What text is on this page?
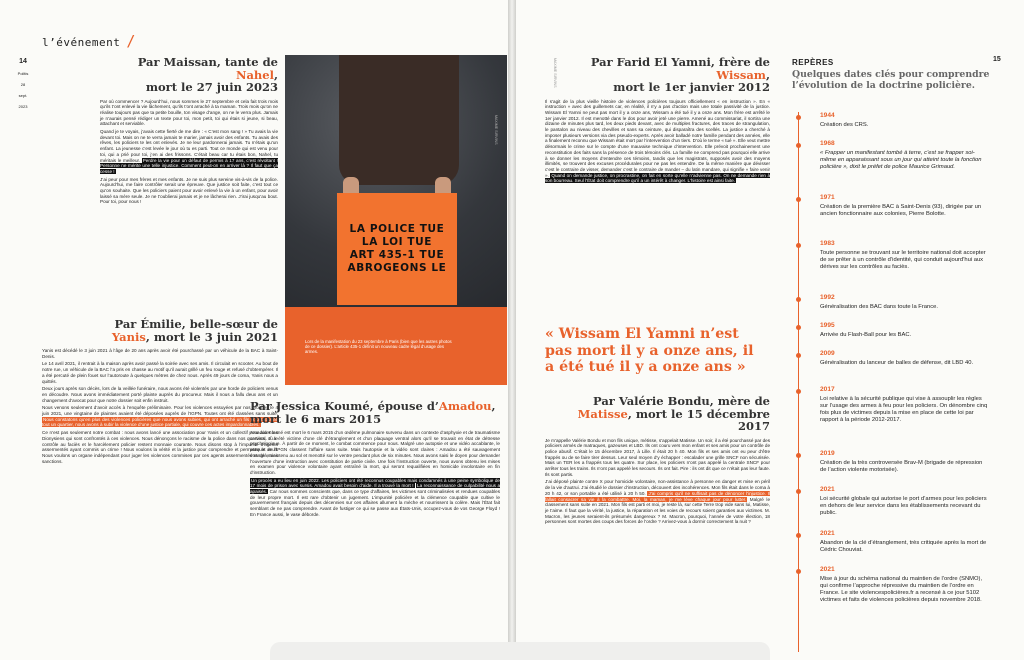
l’événement /
14
Politis
28
sept.
2023
Par Maissan, tante de Nahel,
mort le 27 juin 2023

Par où commencer ? Aujourd’hui, nous sommes le 27 septembre et cela fait trois mois qu’ils t’ont enlevé la vie lâchement, qu’ils t’ont arraché à ta maman. Trois mois qu’on ne réalise toujours pas que ta petite bouille, ton visage d’ange, on ne le verra plus. Jamais je n’aurais pensé rédiger un texte pour toi, mon petit, toi qui étais si jeune, si beau, attachant et serviable.

Quand je te voyais, j’avais cette fierté de me dire : « C’est mon sang ! » Tu avais la vie devant toi. Mais on ne te verra jamais te marier, jamais avoir des enfants. Tu avais des rêves, les policiers te les ont enlevés. Je ne leur pardonnerai jamais. Tu n’étais qu’un enfant. La jeunesse c’est levée le jour où tu es parti. Tout ce monde qui est venu pour toi, qui a prié pour toi, j’en ai des frissons. C’était beau car tu étais bon, Nahel, tu méritais le meilleur. Perdre la vie pour un défaut de permis à 17 ans, c’est révoltant ! Personne ne mérite une telle injustice. Comment peut-on en arriver là ? Il faut que ça cesse !

J’ai peur pour mes frères et mes enfants. Je ne suis plus sereine vis-à-vis de la police. Aujourd’hui, me faire contrôler serait une épreuve. Que justice soit faite, c’est tout ce qu’on souhaite. Que les policiers paient pour avoir enlevé la vie à un enfant, pour avoir laissé sa mère seule. Je ne t’oublierai jamais et je ne lâcherai rien. J’irai jusqu’au bout. Pour toi, pour nous !

Par Émilie, belle-sœur de
Yanis, mort le 3 juin 2021

Yanis est décédé le 3 juin 2021 à l’âge de 20 ans après avoir été pourchassé par un véhicule de la BAC à Saint-Denis.

Le 14 avril 2021, il rentrait à la maison après avoir passé la soirée avec ses amis. Il circulait en scooter. Au bout de notre rue, un véhicule de la BAC l’a pris en chasse au motif qu’il aurait grillé un feu rouge et refusé d’obtempérer. Il a été percuté de plein fouet sur l’autoroute à quelques mètres de chez nous. Après 49 jours de coma, Yanis nous a quittés.

Deux jours après son décès, lors de la veillée funéraire, nous avons été violentés par une horde de policiers venus en découdre. Nous avons immédiatement porté plainte auprès du procureur. Mais il nous a fallu deux ans et un changement d’avocat pour que notre dossier soit enfin instruit.

Nous venons seulement d’avoir accès à l’enquête préliminaire. Pour les violences essuyées par nos proches le 4 juin 2021, une vingtaine de plaintes avaient été déposées auprès de l’IGPN. Toutes ont été classées sans suite. Nous constatons qu’en plus des violences policières que nous avons subies, qui ont arraché un fils et ont touché tout un quartier, nous avons à subir la violence d’une justice partiale, qui couvre ces actes impardonnables.

Ce n’est pas seulement notre combat : nous avons lancé une association pour Yanis et un collectif pour aider les Dionysiens qui sont confrontés à ces violences. Nous dénonçons le racisme de la police dans nos quartiers, où le contrôle au faciès et le harcèlement policier restent monnaie courante. Nous disons stop à l’impunité d’agents assermentés ayant commis un crime ! Nous voulons la vérité et la justice pour comprendre et permettre le deuil. Nous voulons un organe indépendant pour juger les violences commises par ces agents assermentés et de vraies sanctions.

LA POLICE TUE
LA LOI TUE
ART 435-1 TUE
ABROGEONS LE
Lors de la manifestation du 23 septembre à Paris (bien que les autres photos de ce dossier). L’article 435-1 définit un nouveau cadre légal d’usage des armes.
MAXIME SIRVINS
Par Jessica Koumé, épouse d’Amadou, mort le 6 mars 2015

Amadou Koumé est mort le 6 mars 2015 d’un œdème pulmonaire survenu dans un contexte d’asphyxie et de traumatisme cervical. Il a été victime d’une clé d’étranglement et d’un plaquage ventral alors qu’il se trouvait en état de détresse psychologique. À partir de ce moment, le combat commence pour nous. Malgré une autopsie et une vidéo accablante, le parquet et l’IPGN classent l’affaire sans suite. Mais l’autopsie et la vidéo sont claires : Amadou a été sauvagement étranglé, maintenu au sol et menotté sur le ventre pendant plus de six minutes. Nous avons saisi le doyen pour demander l’ouverture d’une instruction avec constitution de partie civile. Une fois l’instruction ouverte, nous avons obtenu les mises en examen pour violence volontaire ayant entraîné la mort, qui seront requalifiées en homicide involontaire en fin d’instruction.

Un procès a eu lieu en juin 2022. Les policiers ont été reconnus coupables mais condamnés à une peine symbolique de 17 mois de prison avec sursis. Amadou avait besoin d’aide. Il a trouvé la mort ! La reconnaissance de culpabilité nous a apaisés. Car nous sommes conscients que, dans ce type d’affaires, les victimes sont criminalisées et rendues coupables de leur propre mort. Il est rare d’obtenir un jugement. L’impunité policière et la clémence coupable que cultive le gouvernement français depuis des décennies sur ces affaires allument la mèche et nourrissent la colère. Mais l’État fait semblant de ne pas comprendre. Avant de fustiger ce qui se passe aux États-Unis, occupez-vous de vos George Floyd ! En France aussi, le vase déborde.

MAXIME SIRVINS	15
Par Farid El Yamni, frère de Wissam,
mort le 1er janvier 2012

Il s’agit de la plus vieille histoire de violences policières toujours officiellement « en instruction ». En « instruction » avec des guillemets car, en réalité, il n’y a pas d’action mais une totale passivité de la justice. Wissam El Yamni ne peut pas mort il y a onze ans, Wissam a été tué il y a onze ans. Mon frère est arrêté le 1er janvier 2012. Il est menotté dans le dos pour avoir jeté une pierre. Amené au commissariat, il sortira une dizaine de minutes plus tard, les deux pieds devant, avec de multiples fractures, des traces de strangulation, le pantalon au niveau des chevilles et sans sa ceinture, qui disparaîtra des scellés. La justice a cherché à imposer plusieurs versions via des pseudo-experts. Après avoir balladé notre famille pendant des années, elle a finalement reconnu que Wissam était mort par l’intervention d’un tiers. D’où le terme « tué ». Elle veut mettre désormais le crime sur le compte d’une mauvaise technique d’intervention. Elle prévoit prochainement une reconstitution des faits sans la présence de trois témoins clés. La famille ne comprend pas pourquoi elle arrive à se donner les moyens d’entendre ces témoins, tandis que les magistrats, supposés avoir des moyens illimités, se trouvent des excuses procédurales pour ne pas les entendre. De la même manière que dévisser c’est le contraire de visser, demander c’est le contraire de mander – du latin mandare, qui signifie « faire venir ». Quand on demande justice, on procrastine, on fait en sorte qu’elle n’advienne pas. On ne demande rien à son bourreau. Seul l’État doit comprendre qu’il a un intérêt à changer. L’histoire est ainsi faite.

« Wissam El Yamni n’est pas mort il y a onze ans, il a été tué il y a onze ans »
Par Valérie Bondu, mère de Matisse, mort le 15 décembre 2017

Je m’appelle Valérie Bondu et mon fils unique, métisse, s’appelait Matisse. Un soir, il a été pourchassé par des policiers armés de matraques, gazeuses et LBD. Ils ont couru vers mon enfant et ses amis pour un contrôle de police abusif. C’était le 15 décembre 2017, à Lille. Il était 20 h 40. Mon fils et ses amis ont eu peur d’être frappés ou de se faire tirer dessus. Leur seul moyen d’y échapper : escalader une grille SNCF non sécurisée. Mais un TER les a frappés tous les quatre. Sur place, les policiers n’ont pas appelé la centrale SNCF pour arrêter tous les trains. Ils n’ont pas appelé les secours. Ils ont fait. Pire : ils ont dit que ce n’était pas leur faute. Ils sont partis.

J’ai déposé plainte contre X pour homicide volontaire, non-assistance à personne en danger et mise en péril de la vie d’autrui. J’ai étudié le dossier d’instruction, découvert des incohérences. Mon fils était dans le coma à 20 h 42, or son portable a été utilisé à 20 h 50. J’ai compris qu’il ne suffisait pas de dénoncer l’injustice. Il fallait consacrer sa vie à la combattre. Moi, la maman, je me lève chaque jour pour lutter. Malgré le classement sans suite en 2021. Mon fils est parti et moi, je reste là, sur cette Terre trop vide sans lui, Matisse, je t’aime. Il faut que la vérité, la justice, la réparation et les voies de recours soient garanties aux victimes. M. Macron, les jeunes seraient-ils présumés dangereux ? M. Macron, pourquoi, l’année de votre élection, 18 personnes sont mortes des coups des forces de l’ordre ? Arrivez-vous à dormir correctement la nuit ?

REPÈRES
Quelques dates clés pour comprendre l’évolution de la doctrine policière.
1944
Création des CRS.
1968
« Frapper un manifestant tombé à terre, c’est se frapper soi-même en apparaissant sous un jour qui atteint toute la fonction policière », dixit le préfet de police Maurice Grimaud.
1971
Création de la première BAC à Saint-Denis (93), dirigée par un ancien fonctionnaire aux colonies, Pierre Bolotte.
1983
Toute personne se trouvant sur le territoire national doit accepter de se prêter à un contrôle d’identité, qui conduit aujourd’hui aux dérives sur les contrôles au faciès.
1992
Généralisation des BAC dans toute la France.
1995
Arrivée du Flash-Ball pour les BAC.
2009
Généralisation du lanceur de balles de défense, dit LBD 40.
2017
Loi relative à la sécurité publique qui vise à assouplir les règles sur l’usage des armes à feu pour les policiers. On dénombre cinq fois plus de victimes depuis la mise en place de cette loi par rapport à la période 2012-2017.
2019
Création de la très controversée Brav-M (brigade de répression de l’action violente motorisée).
2021
Loi sécurité globale qui autorise le port d’armes pour les policiers en dehors de leur service dans les établissements recevant du public.
2021
Abandon de la clé d’étranglement, très critiquée après la mort de Cédric Chouviat.
2021
Mise à jour du schéma national du maintien de l’ordre (SNMO), qui confirme l’approche répressive du maintien de l’ordre en France. Le site violencespolicières.fr a recensé à ce jour 5102 victimes et faits de violences policières depuis novembre 2018.
